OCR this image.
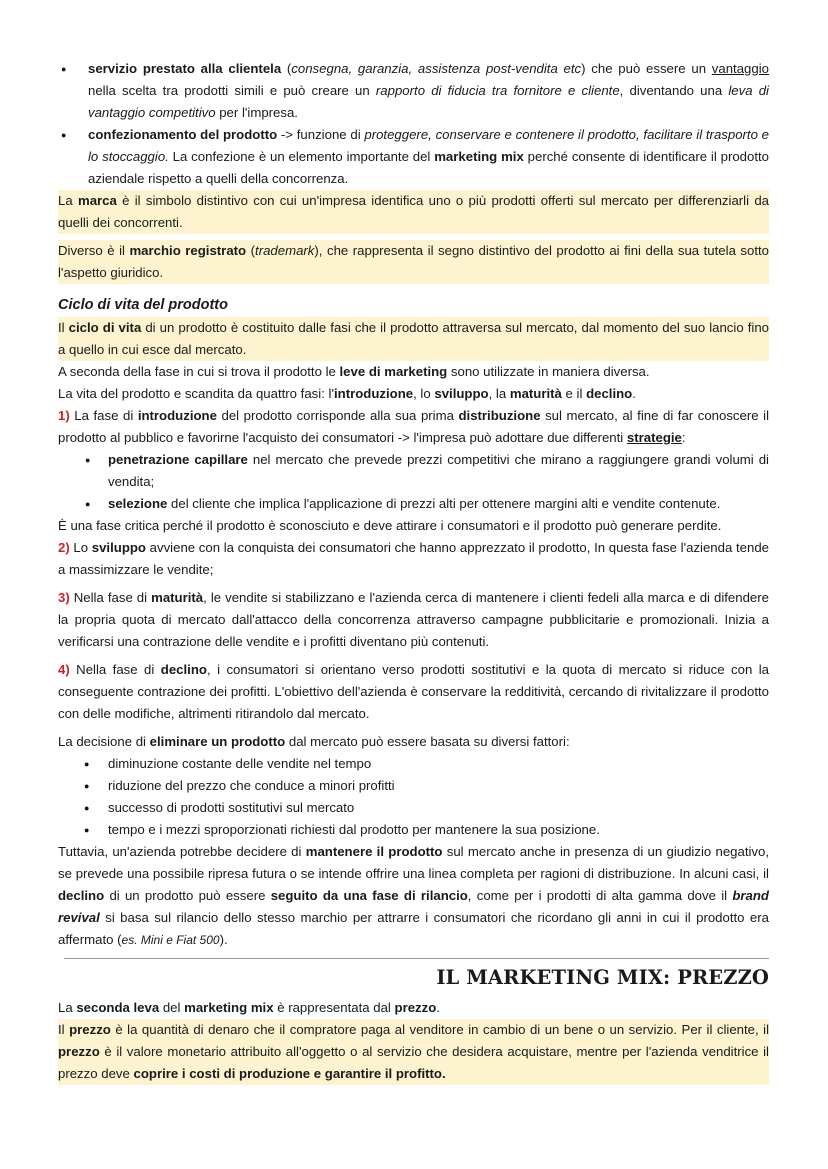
● servizio prestato alla clientela (consegna, garanzia, assistenza post-vendita etc) che può essere un vantaggio nella scelta tra prodotti simili e può creare un rapporto di fiducia tra fornitore e cliente, diventando una leva di vantaggio competitivo per l'impresa.
● confezionamento del prodotto -> funzione di proteggere, conservare e contenere il prodotto, facilitare il trasporto e lo stoccaggio. La confezione è un elemento importante del marketing mix perché consente di identificare il prodotto aziendale rispetto a quelli della concorrenza.

La marca è il simbolo distintivo con cui un'impresa identifica uno o più prodotti offerti sul mercato per differenziarli da quelli dei concorrenti.

Diverso è il marchio registrato (trademark), che rappresenta il segno distintivo del prodotto ai fini della sua tutela sotto l'aspetto giuridico.

Ciclo di vita del prodotto

Il ciclo di vita di un prodotto è costituito dalle fasi che il prodotto attraversa sul mercato, dal momento del suo lancio fino a quello in cui esce dal mercato.

A seconda della fase in cui si trova il prodotto le leve di marketing sono utilizzate in maniera diversa.

La vita del prodotto e scandita da quattro fasi: l'introduzione, lo sviluppo, la maturità e il declino.

1) La fase di introduzione del prodotto corrisponde alla sua prima distribuzione sul mercato, al fine di far conoscere il prodotto al pubblico e favorirne l'acquisto dei consumatori -> l'impresa può adottare due differenti strategie:

● penetrazione capillare nel mercato che prevede prezzi competitivi che mirano a raggiungere grandi volumi di vendita;
● selezione del cliente che implica l'applicazione di prezzi alti per ottenere margini alti e vendite contenute.

È una fase critica perché il prodotto è sconosciuto e deve attirare i consumatori e il prodotto può generare perdite.

2) Lo sviluppo avviene con la conquista dei consumatori che hanno apprezzato il prodotto, In questa fase l'azienda tende a massimizzare le vendite;

3) Nella fase di maturità, le vendite si stabilizzano e l'azienda cerca di mantenere i clienti fedeli alla marca e di difendere la propria quota di mercato dall'attacco della concorrenza attraverso campagne pubblicitarie e promozionali. Inizia a verificarsi una contrazione delle vendite e i profitti diventano più contenuti.

4) Nella fase di declino, i consumatori si orientano verso prodotti sostitutivi e la quota di mercato si riduce con la conseguente contrazione dei profitti. L'obiettivo dell'azienda è conservare la redditività, cercando di rivitalizzare il prodotto con delle modifiche, altrimenti ritirandolo dal mercato.

La decisione di eliminare un prodotto dal mercato può essere basata su diversi fattori:

● diminuzione costante delle vendite nel tempo
● riduzione del prezzo che conduce a minori profitti
● successo di prodotti sostitutivi sul mercato
● tempo e i mezzi sproporzionati richiesti dal prodotto per mantenere la sua posizione.

Tuttavia, un'azienda potrebbe decidere di mantenere il prodotto sul mercato anche in presenza di un giudizio negativo, se prevede una possibile ripresa futura o se intende offrire una linea completa per ragioni di distribuzione. In alcuni casi, il declino di un prodotto può essere seguito da una fase di rilancio, come per i prodotti di alta gamma dove il brand revival si basa sul rilancio dello stesso marchio per attrarre i consumatori che ricordano gli anni in cui il prodotto era affermato (es. Mini e Fiat 500).

IL MARKETING MIX: PREZZO

La seconda leva del marketing mix è rappresentata dal prezzo.

Il prezzo è la quantità di denaro che il compratore paga al venditore in cambio di un bene o un servizio. Per il cliente, il prezzo è il valore monetario attribuito all'oggetto o al servizio che desidera acquistare, mentre per l'azienda venditrice il prezzo deve coprire i costi di produzione e garantire il profitto.
